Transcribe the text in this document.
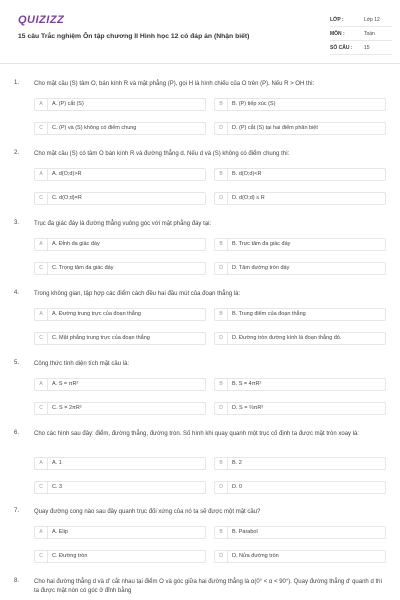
QUIZIZZ
15 câu Trắc nghiệm Ôn tập chương II Hình học 12 có đáp án (Nhận biết)
LỚP :	Lớp 12
MÔN :	Toán
SỐ CÂU : 15
1. Cho mặt cầu (S) tâm O, bán kính R và mặt phẳng (P), gọi H là hình chiếu của O trên (P). Nếu R > OH thì:
A	A. (P) cắt (S)	B	B. (P) tiếp xúc (S)
C	C. (P) và (S) không có điểm chung	D	D. (P) cắt (S) tại hai điểm phân biệt
2. Cho mặt cầu (S) có tâm O bán kính R và đường thẳng d. Nếu d và (S) không có điểm chung thì:
A	A. d(O;d)>R	B	B. d(O;d)<R
C	C. d(O;d)=R	D	D. d(O;d) ≤ R
3. Trục đa giác đáy là đường thẳng vuông góc với mặt phẳng đáy tại:
A	A. Đỉnh đa giác đáy	B	B. Trực tâm đa giác đáy
C	C. Trọng tâm đa giác đáy	D	D. Tâm đường tròn đáy
4. Trong không gian, tập hợp các điểm cách đều hai đầu mút của đoạn thẳng là:
A	A. Đường trung trực của đoạn thẳng	B	B. Trung điểm của đoạn thẳng
C	C. Mặt phẳng trung trực của đoạn thẳng	D	D. Đường tròn đường kính là đoạn thẳng đó.
5. Công thức tính diện tích mặt cầu là:
A	A. S = πR²	B	B. S = 4πR²
C	C. S = 2πR²	D	D. S = ⅔πR²
6. Cho các hình sau đây: điểm, đường thẳng, đường tròn. Số hình khi quay quanh một trục cố định ta được mặt tròn xoay là:
A	A. 1	B	B. 2
C	C. 3	D	D. 0
7. Quay đường cong nào sau đây quanh trục đối xứng của nó ta sẽ được một mặt cầu?
A	A. Elip	B	B. Parabol
C	C. Đường tròn	D	D. Nửa đường tròn
8. Cho hai đường thẳng d và d' cắt nhau tại điểm O và góc giữa hai đường thẳng là α(0° < α < 90°). Quay đường thẳng d' quanh d thì ta được mặt nón có góc ở đỉnh bằng
